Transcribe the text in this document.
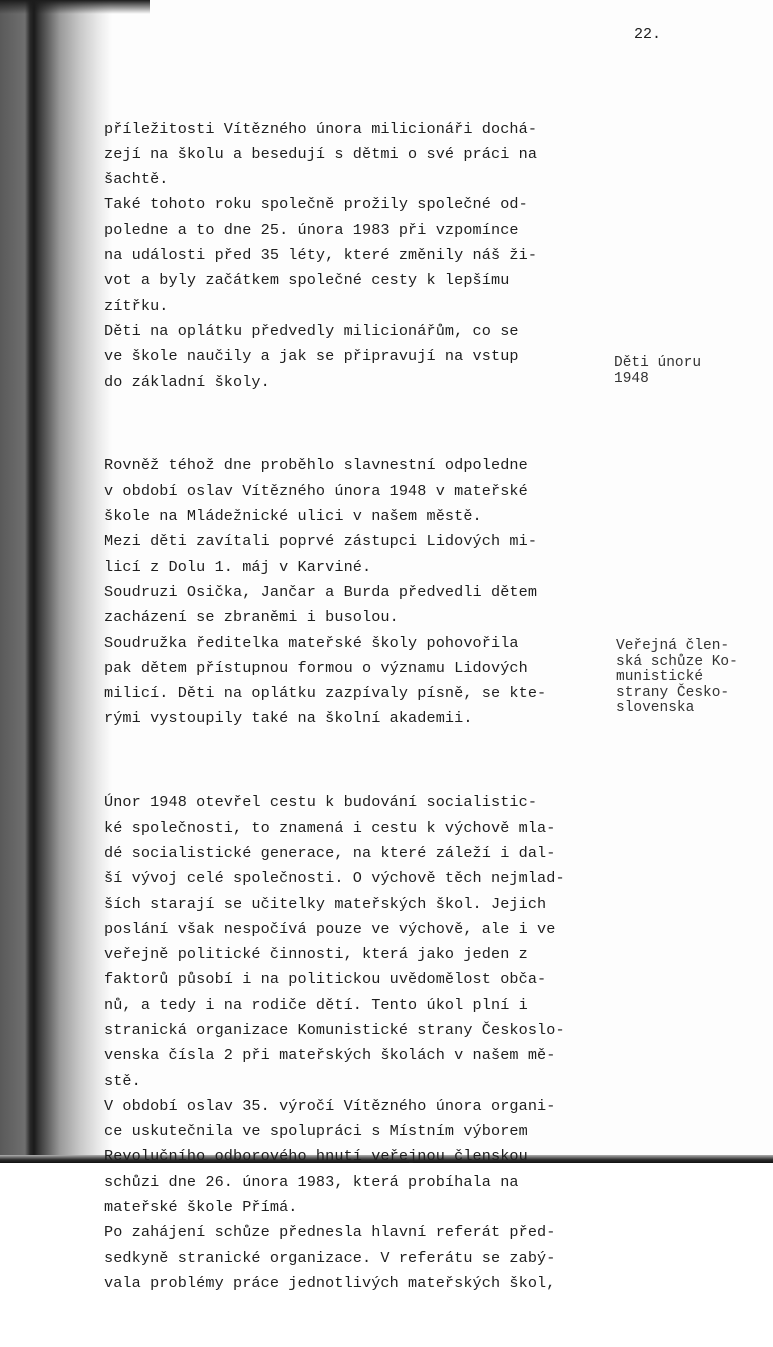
22.

příležitosti Vítězného února milicionáři dochá-
zejí na školu a besedují s dětmi o své práci na
šachtě.
Také tohoto roku společně prožily společné od-
poledne a to dne 25. února 1983 při vzpomínce
na události před 35 léty, které změnily náš ži-
vot a byly začátkem společné cesty k lepšímu
zítřku.
Děti na oplátku předvedly milicionářům, co se
ve škole naučily a jak se připravují na vstup
do základní školy.

Rovněž téhož dne proběhlo slavnestní odpoledne
v období oslav Vítězného února 1948 v mateřské
škole na Mládežnické ulici v našem městě.
Mezi děti zavítali poprvé zástupci Lidových mi-
licí z Dolu 1. máj v Karviné.
Soudruzi Osička, Jančar a Burda předvedli dětem
zacházení se zbraněmi i busolou.
Soudružka ředitelka mateřské školy pohovořila
pak dětem přístupnou formou o významu Lidových
milicí. Děti na oplátku zazpívaly písně, se kte-
rými vystoupily také na školní akademii.

Únor 1948 otevřel cestu k budování socialistic-
ké společnosti, to znamená i cestu k výchově mla-
dé socialistické generace, na které záleží i dal-
ší vývoj celé společnosti. O výchově těch nejmlad-
ších starají se učitelky mateřských škol. Jejich
poslání však nespočívá pouze ve výchově, ale i ve
veřejně politické činnosti, která jako jeden z
faktorů působí i na politickou uvědomělost obča-
nů, a tedy i na rodiče dětí. Tento úkol plní i
stranická organizace Komunistické strany Českoslo-
venska čísla 2 při mateřských školách v našem mě-
stě.
V období oslav 35. výročí Vítězného února organi-
ce uskutečnila ve spolupráci s Místním výborem
Revolučního odborového hnutí veřejnou členskou
schůzi dne 26. února 1983, která probíhala na
mateřské škole Přímá.
Po zahájení schůze přednesla hlavní referát před-
sedkyně stranické organizace. V referátu se zabý-
vala problémy práce jednotlivých mateřských škol,

Děti únoru
1948
Veřejná člen-
ská schůze Ko-
munistické
strany Česko-
slovenska
